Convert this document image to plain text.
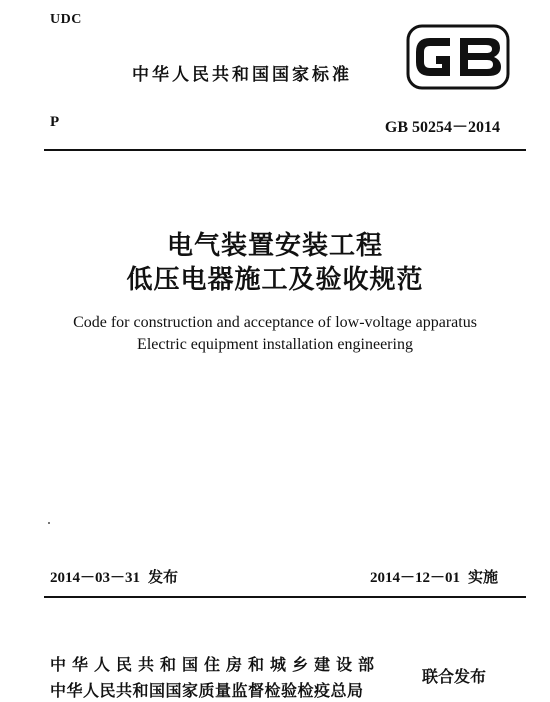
UDC
中华人民共和国国家标准
P	GB 50254－2014
电气装置安装工程
低压电器施工及验收规范
Code for construction and acceptance of low-voltage apparatus
Electric equipment installation engineering
2014－03－31 发布	2014－12－01 实施
中华人民共和国住房和城乡建设部
中华人民共和国国家质量监督检验检疫总局
联合发布
